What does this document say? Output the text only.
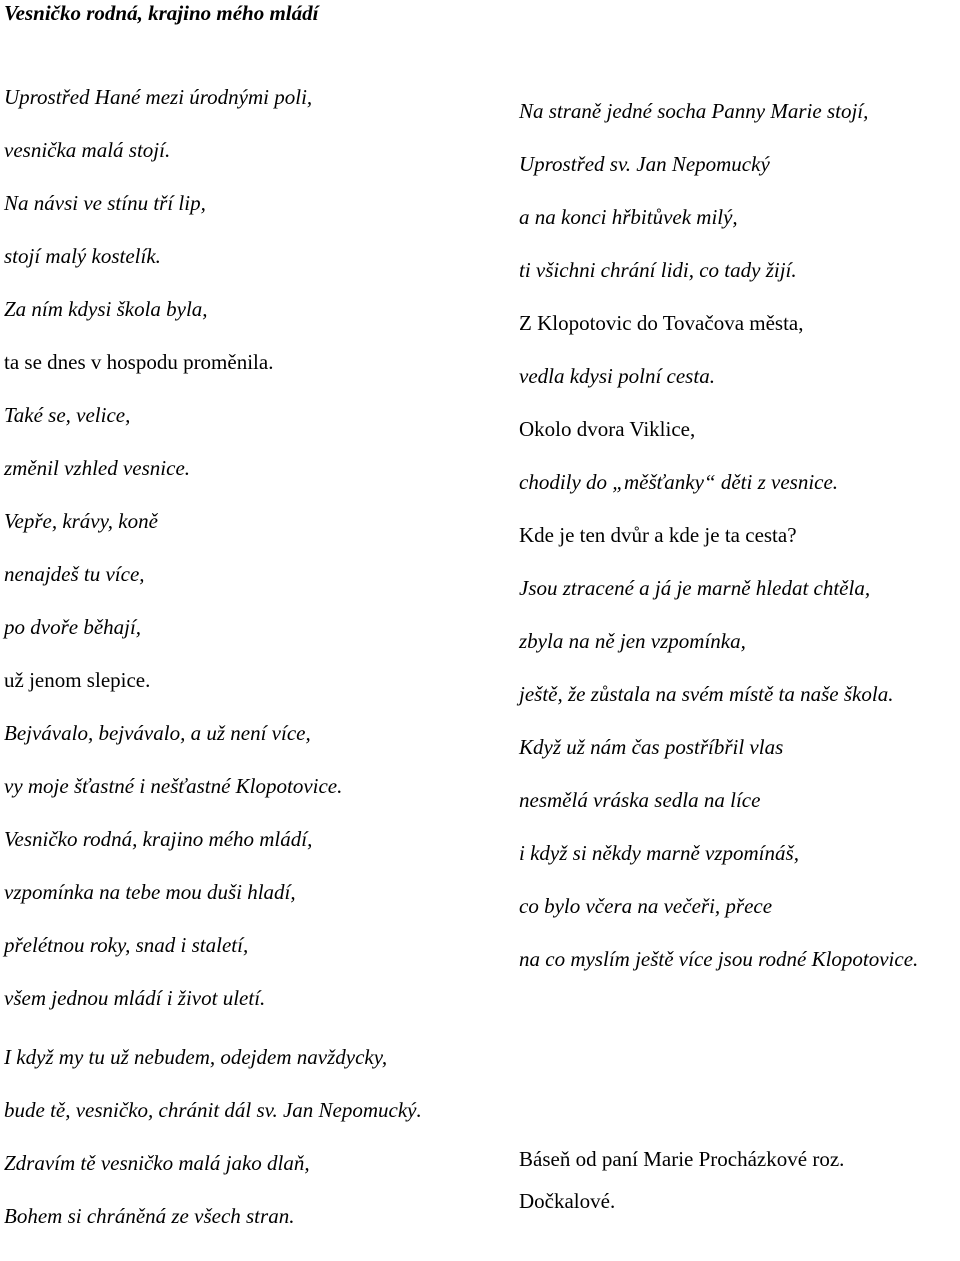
Vesničko rodná, krajino mého mládí
Uprostřed Hané mezi úrodnými poli,
vesnička malá stojí.
Na návsi ve stínu tří lip,
stojí malý kostelík.
Za ním kdysi škola byla,
ta se dnes v hospodu proměnila.
Také se, velice,
změnil vzhled vesnice.
Vepře, krávy, koně
nenajdeš tu více,
po dvoře běhají,
už jenom slepice.
Bejvávalo, bejvávalo, a už není více,
vy moje šťastné i nešťastné Klopotovice.
Vesničko rodná, krajino mého mládí,
vzpomínka na tebe mou duši hladí,
přelétnou roky, snad i staletí,
všem jednou mládí i život uletí.
I když my tu už nebudem, odejdem navždycky,
bude tě, vesničko, chránit dál sv. Jan Nepomucký.
Zdravím tě vesničko malá jako dlaň,
Bohem si chráněná ze všech stran.
Na straně jedné socha Panny Marie stojí,
Uprostřed sv. Jan Nepomucký
a na konci hřbitůvek milý,
ti všichni chrání lidi, co tady žijí.
Z Klopotovic do Tovačova města,
vedla kdysi polní cesta.
Okolo dvora Viklice,
chodily do „měšťanky“ děti z vesnice.
Kde je ten dvůr a kde je ta cesta?
Jsou ztracené a já je marně hledat chtěla,
zbyla na ně jen vzpomínka,
ještě, že zůstala na svém místě ta naše škola.
Když už nám čas postříbřil vlas
nesmělá vráska sedla na líce
i když si někdy marně vzpomínáš,
co bylo včera na večeři, přece
na co myslím ještě více jsou rodné Klopotovice.
Báseň od paní Marie Procházkové roz.
Dočkalové.
